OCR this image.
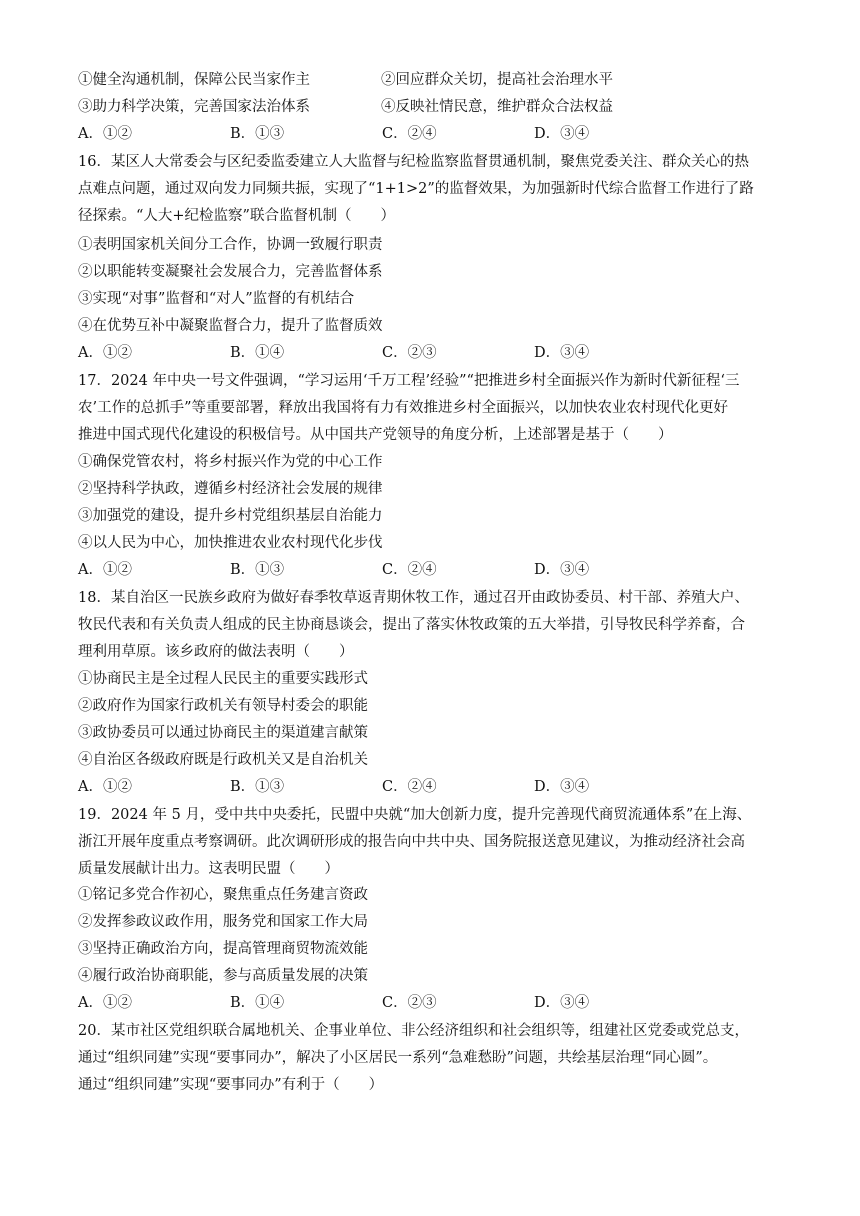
①健全沟通机制，保障公民当家作主	②回应群众关切，提高社会治理水平
③助力科学决策，完善国家法治体系	④反映社情民意，维护群众合法权益
A．①②	B．①③	C．②④	D．③④
16．某区人大常委会与区纪委监委建立人大监督与纪检监察监督贯通机制，聚焦党委关注、群众关心的热
点难点问题，通过双向发力同频共振，实现了“1+1>2”的监督效果，为加强新时代综合监督工作进行了路
径探索。“人大+纪检监察”联合监督机制（　　）
①表明国家机关间分工合作，协调一致履行职责
②以职能转变凝聚社会发展合力，完善监督体系
③实现“对事”监督和“对人”监督的有机结合
④在优势互补中凝聚监督合力，提升了监督质效
A．①②	B．①④	C．②③	D．③④
17．2024 年中央一号文件强调，“学习运用‘千万工程’经验”“把推进乡村全面振兴作为新时代新征程‘三
农’工作的总抓手”等重要部署，释放出我国将有力有效推进乡村全面振兴，以加快农业农村现代化更好
推进中国式现代化建设的积极信号。从中国共产党领导的角度分析，上述部署是基于（　　）
①确保党管农村，将乡村振兴作为党的中心工作
②坚持科学执政，遵循乡村经济社会发展的规律
③加强党的建设，提升乡村党组织基层自治能力
④以人民为中心，加快推进农业农村现代化步伐
A．①②	B．①③	C．②④	D．③④
18．某自治区一民族乡政府为做好春季牧草返青期休牧工作，通过召开由政协委员、村干部、养殖大户、
牧民代表和有关负责人组成的民主协商恳谈会，提出了落实休牧政策的五大举措，引导牧民科学养畜，合
理利用草原。该乡政府的做法表明（　　）
①协商民主是全过程人民民主的重要实践形式
②政府作为国家行政机关有领导村委会的职能
③政协委员可以通过协商民主的渠道建言献策
④自治区各级政府既是行政机关又是自治机关
A．①②	B．①③	C．②④	D．③④
19．2024 年 5 月，受中共中央委托，民盟中央就“加大创新力度，提升完善现代商贸流通体系”在上海、
浙江开展年度重点考察调研。此次调研形成的报告向中共中央、国务院报送意见建议，为推动经济社会高
质量发展献计出力。这表明民盟（　　）
①铭记多党合作初心，聚焦重点任务建言资政
②发挥参政议政作用，服务党和国家工作大局
③坚持正确政治方向，提高管理商贸物流效能
④履行政治协商职能，参与高质量发展的决策
A．①②	B．①④	C．②③	D．③④
20．某市社区党组织联合属地机关、企事业单位、非公经济组织和社会组织等，组建社区党委或党总支，
通过“组织同建”实现“要事同办”，解决了小区居民一系列“急难愁盼”问题，共绘基层治理“同心圆”。
通过“组织同建”实现“要事同办”有利于（　　）
